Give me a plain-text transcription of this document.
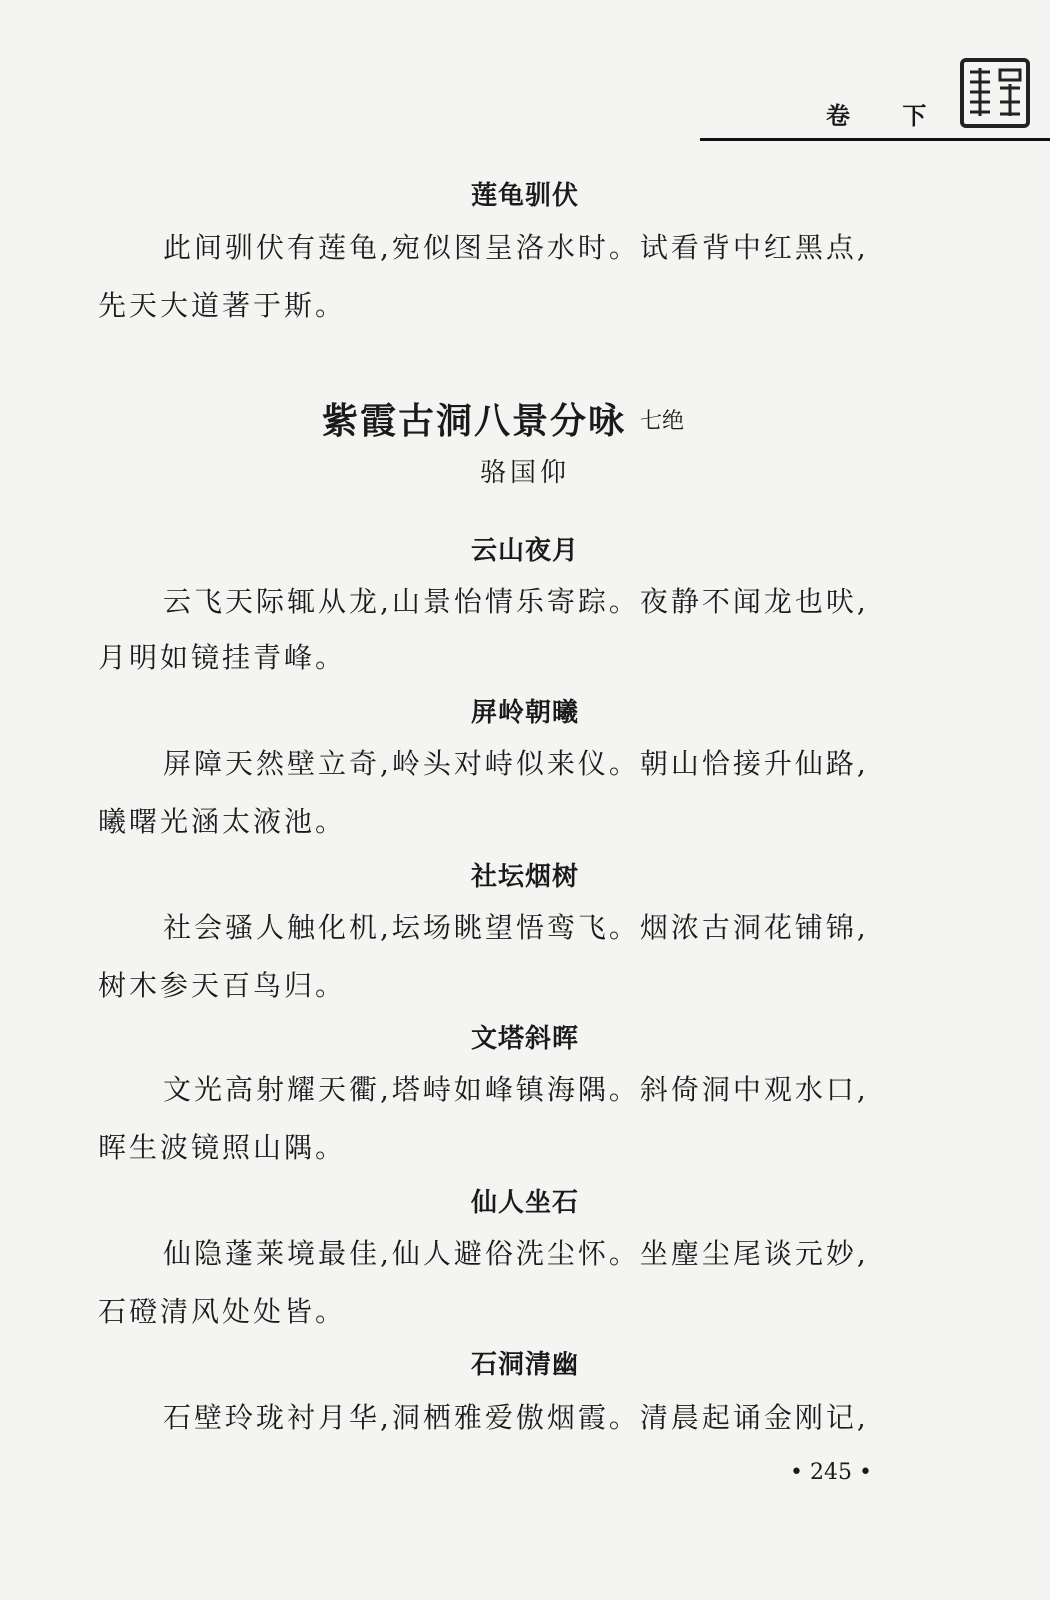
卷 下
莲龟驯伏
此间驯伏有莲龟,宛似图呈洛水时。试看背中红黑点,
先天大道著于斯。
紫霞古洞八景分咏 七绝
骆国仰
云山夜月
云飞天际辄从龙,山景怡情乐寄踪。夜静不闻龙也吠,
月明如镜挂青峰。
屏岭朝曦
屏障天然壁立奇,岭头对峙似来仪。朝山恰接升仙路,
曦曙光涵太液池。
社坛烟树
社会骚人触化机,坛场眺望悟鸾飞。烟浓古洞花铺锦,
树木参天百鸟归。
文塔斜晖
文光高射耀天衢,塔峙如峰镇海隅。斜倚洞中观水口,
晖生波镜照山隅。
仙人坐石
仙隐蓬莱境最佳,仙人避俗洗尘怀。坐麈尘尾谈元妙,
石磴清风处处皆。
石洞清幽
石壁玲珑衬月华,洞栖雅爱傲烟霞。清晨起诵金刚记,
• 245 •
